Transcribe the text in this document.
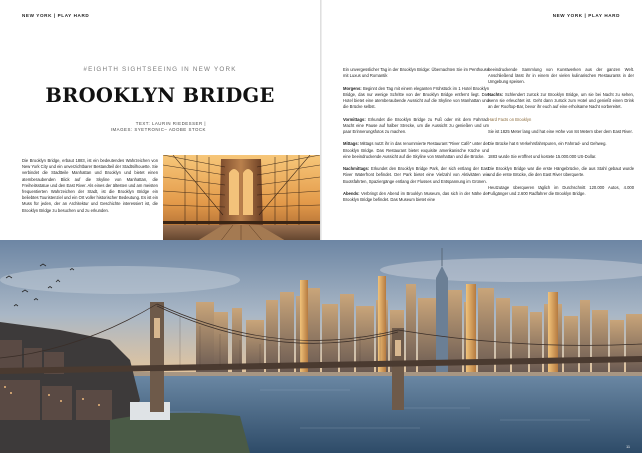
NEW YORK | PLAY HARD	NEW YORK | PLAY HARD
#EIGHTH SIGHTSEEING IN NEW YORK
BROOKLYN BRIDGE
TEXT: LAURIN RIEDESSER |
IMAGES: SYETRONIC– ADOBE STOCK

Die Brooklyn Bridge, erbaut 1883, ist ein bedeutendes Wahrzeichen von New York City und ein unverzichtbarer Bestandteil der Stadtsilhouette. Sie verbindet die Stadtteile Manhattan und Brooklyn und bietet einen atemberaubenden Blick auf die Skyline von Manhattan, die Freiheitsstatue und den East River. Als eines der ältesten und am meisten frequentierten Wahrzeichen der Stadt, ist die Brooklyn Bridge ein beliebtes Touristenziel und ein Ort voller historischer Bedeutung. Es ist ein Muss für jeden, der an Architektur und Geschichte interessiert ist, die Brooklyn Bridge zu besuchen und zu erkunden.

Ein unvergesslicher Tag in der Brooklyn Bridge: Übernachten Sie im Penthouse mit Luxus und Romantik

Morgens: Beginnt den Tag mit einem eleganten Frühstück im 1 Hotel Brooklyn Bridge, das nur wenige Schritte von der Brooklyn Bridge entfernt liegt. Das Hotel bietet eine atemberaubende Aussicht auf die Skyline von Manhattan und die Brücke selbst.

Vormittags: Erkundet die Brooklyn Bridge zu Fuß oder mit dem Fahrrad. Macht eine Pause auf halber Strecke, um die Aussicht zu genießen und um paar Erinnerungsfotos zu machen.

Mittags: Mittags nutzt ihr in das renommierte Restaurant "River Café" unter der Brooklyn Bridge. Das Restaurant bietet exquisite amerikanische Küche und eine beeindruckende Aussicht auf die Skyline von Manhattan und die Brücke.

Nachmittags: Erkundet den Brooklyn Bridge Park, der sich entlang der East River Waterfront befindet. Der Park bietet eine Vielzahl von Aktivitäten wie Bootsfahrten, Spaziergänge entlang der Flusses und Entspannung im Grünen.

Abends: Verbringt den Abend im Brooklyn Museum, das sich in der Nähe der Brooklyn Bridge befindet. Das Museum bietet eine

beeindruckende Sammlung von Kunstwerken aus der ganzen Welt. Anschließend lässt ihr in einem der vielen kulinarischen Restaurants in der Umgebung speisen.

Nachts: Schlendert zurück zur Brooklyn Bridge, um sie bei Nacht zu sehen, wenn sie erleuchtet ist. Geht dann zurück zum Hotel und genießt einen Drink an der Rooftop-Bar, bevor ihr euch auf eine erholsame Nacht vorbereitet.

Hard Facts on Brooklyn

Sie ist 1825 Meter lang und hat eine Höhe von 84 Metern über dem East River.

Die Brücke hat 6 Verkehrsfahrspuren, ein Fahrrad- und Gehweg.

1883 wurde Sie eröffnet und kostete 15.000.000 US-Dollar.

Die Brooklyn Bridge war die erste Hängebrücke, die aus Stahl gebaut wurde und die erste Brücke, die den East River überquerte.

Heutzutage überqueren täglich im Durchschnitt 120.000 Autos, 4.000 Fußgänger und 2.600 Radfahrer die Brooklyn Bridge.

11
